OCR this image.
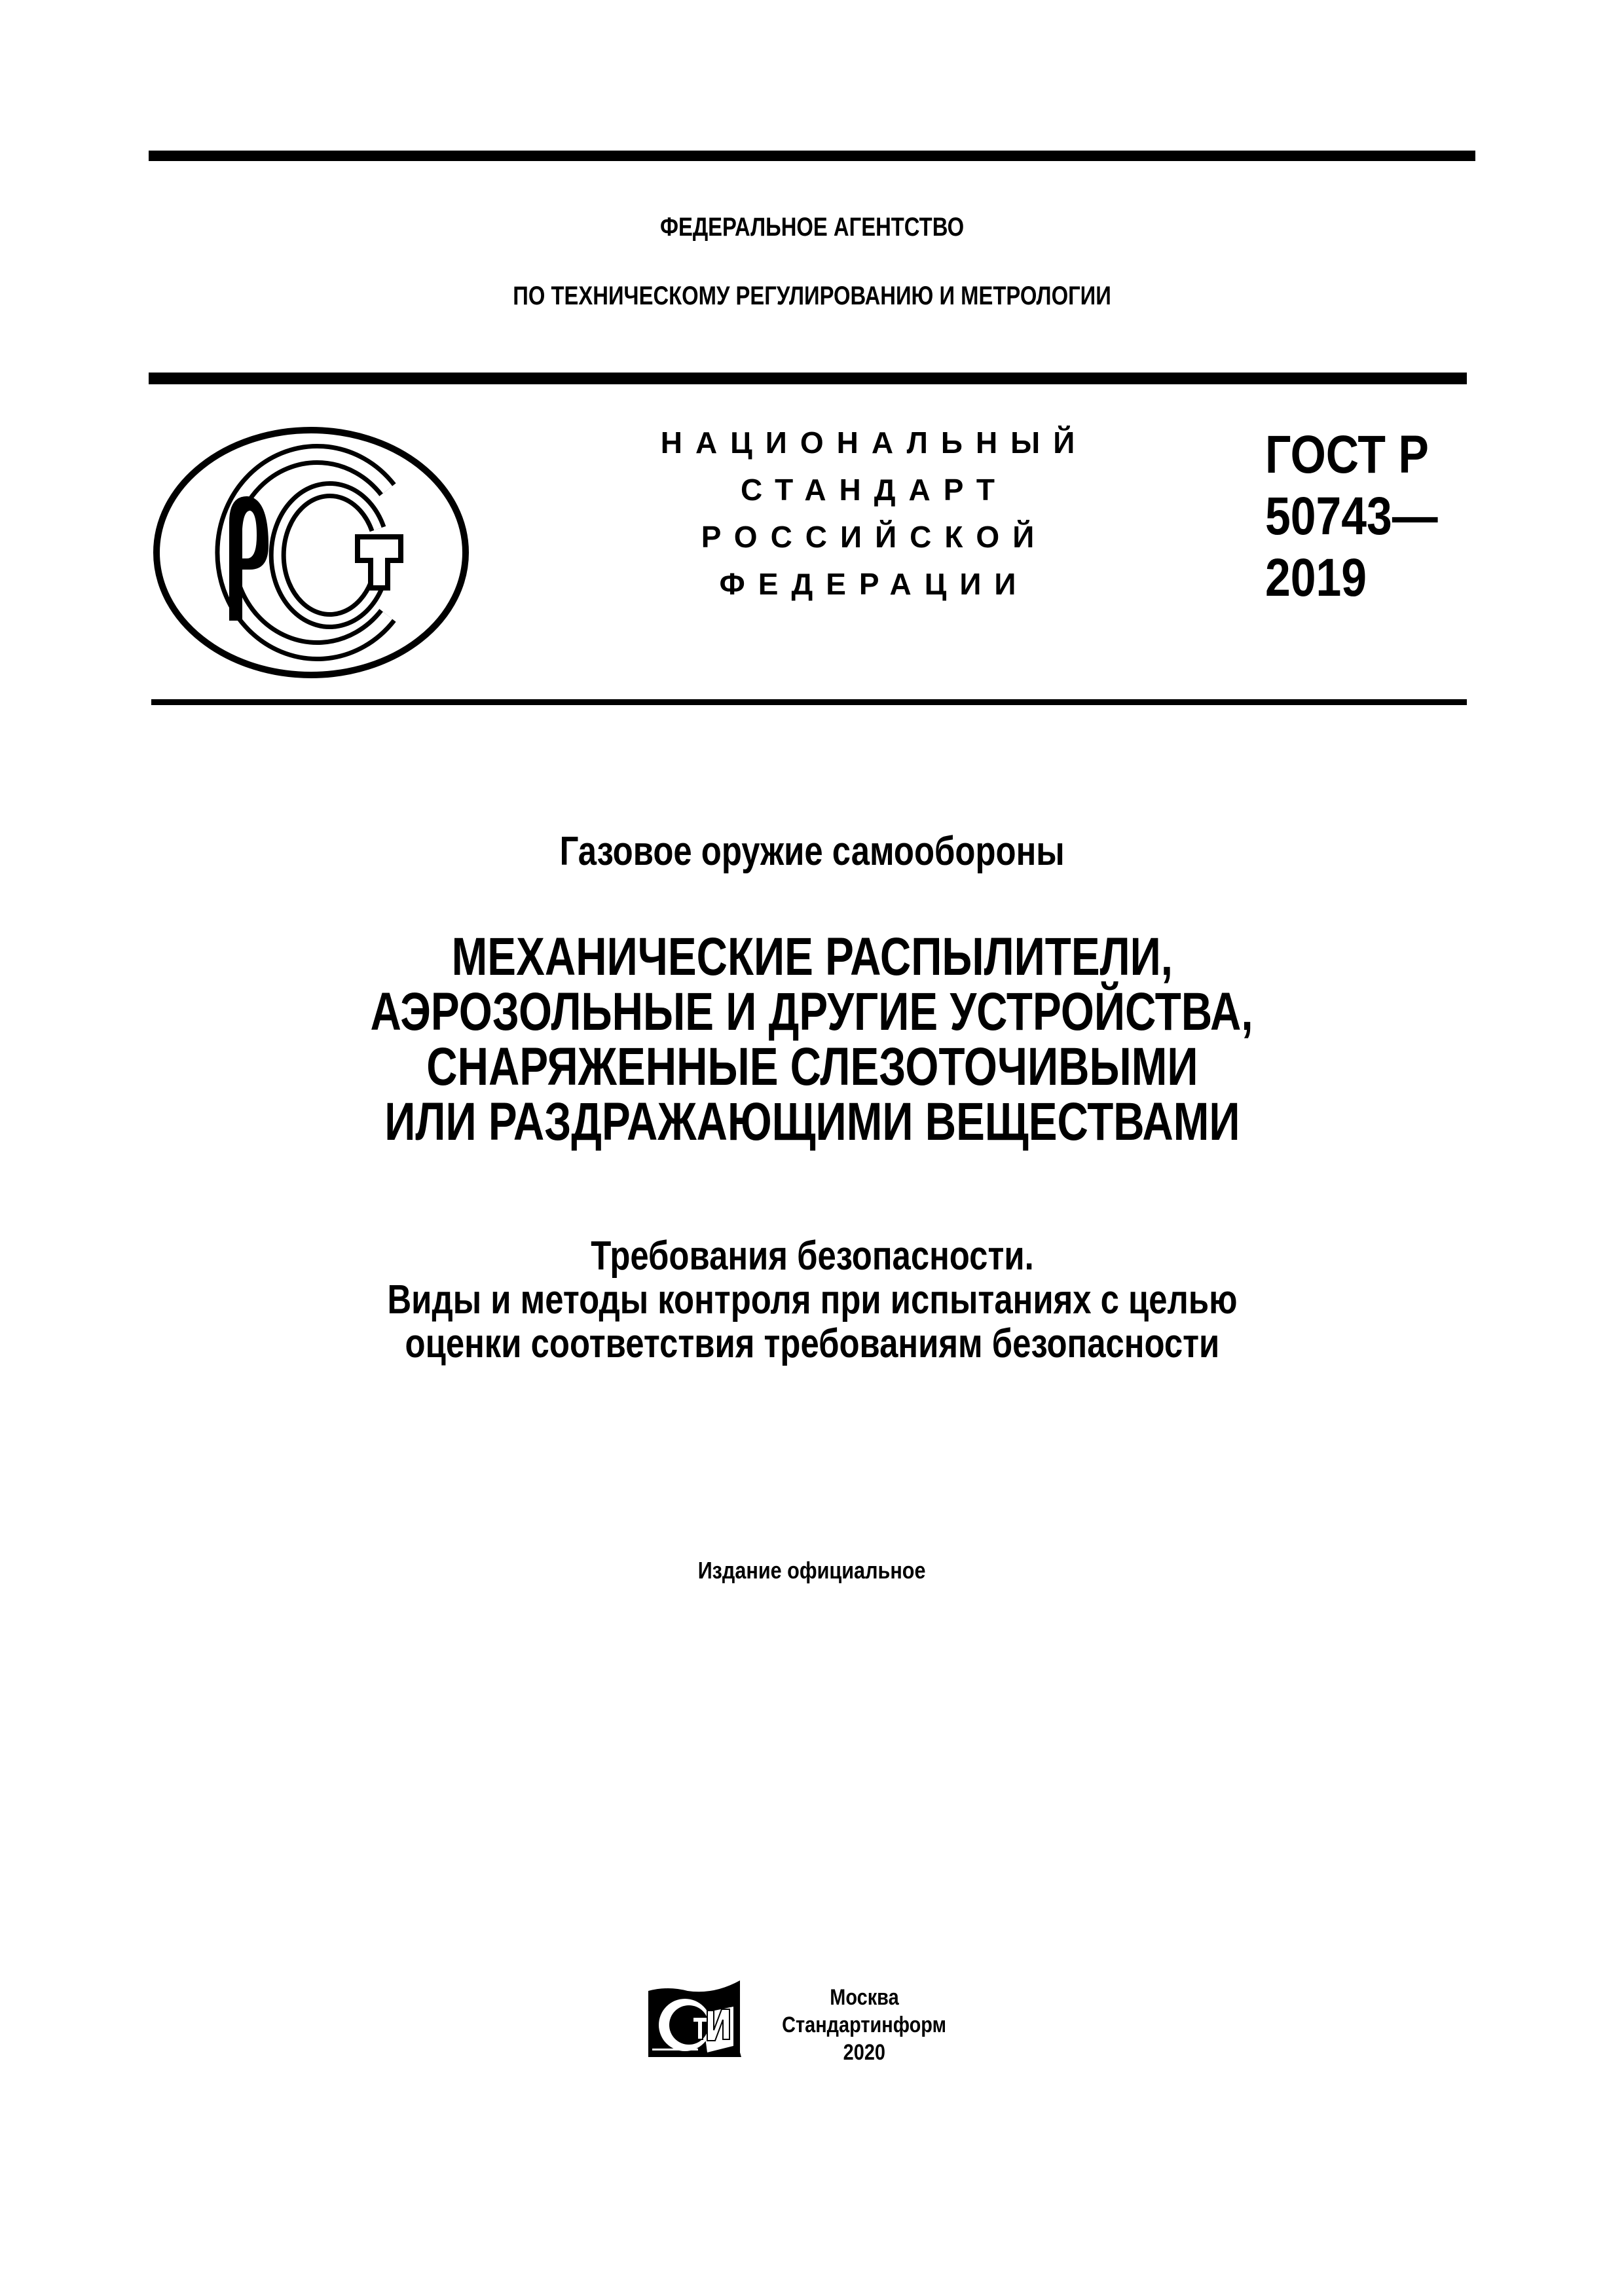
ФЕДЕРАЛЬНОЕ АГЕНТСТВО
ПО ТЕХНИЧЕСКОМУ РЕГУЛИРОВАНИЮ И МЕТРОЛОГИИ
НАЦИОНАЛЬНЫЙ
СТАНДАРТ
РОССИЙСКОЙ
ФЕДЕРАЦИИ
ГОСТ Р
50743—
2019
Газовое оружие самообороны
МЕХАНИЧЕСКИЕ РАСПЫЛИТЕЛИ,
АЭРОЗОЛЬНЫЕ И ДРУГИЕ УСТРОЙСТВА,
СНАРЯЖЕННЫЕ СЛЕЗОТОЧИВЫМИ
ИЛИ РАЗДРАЖАЮЩИМИ ВЕЩЕСТВАМИ
Требования безопасности.
Виды и методы контроля при испытаниях с целью
оценки соответствия требованиям безопасности
Издание официальное
Москва
Стандартинформ
2020
